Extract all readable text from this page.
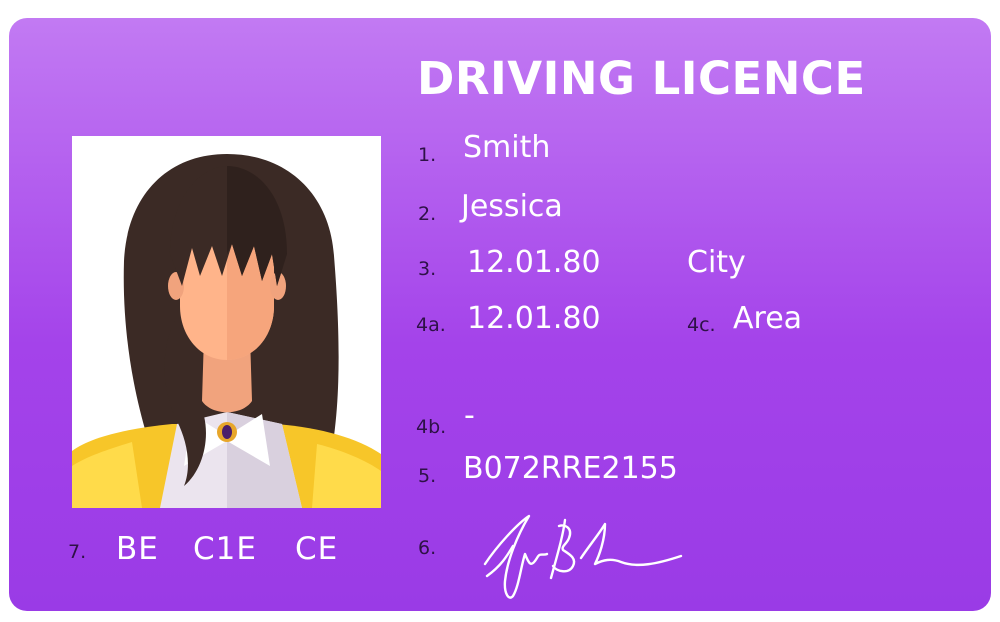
DRIVING LICENCE
1. Smith
2. Jessica
3. 12.01.80	City
4a. 12.01.80	4c. Area
4b. -
5. B072RRE2155
6.
7. BE C1E CE
